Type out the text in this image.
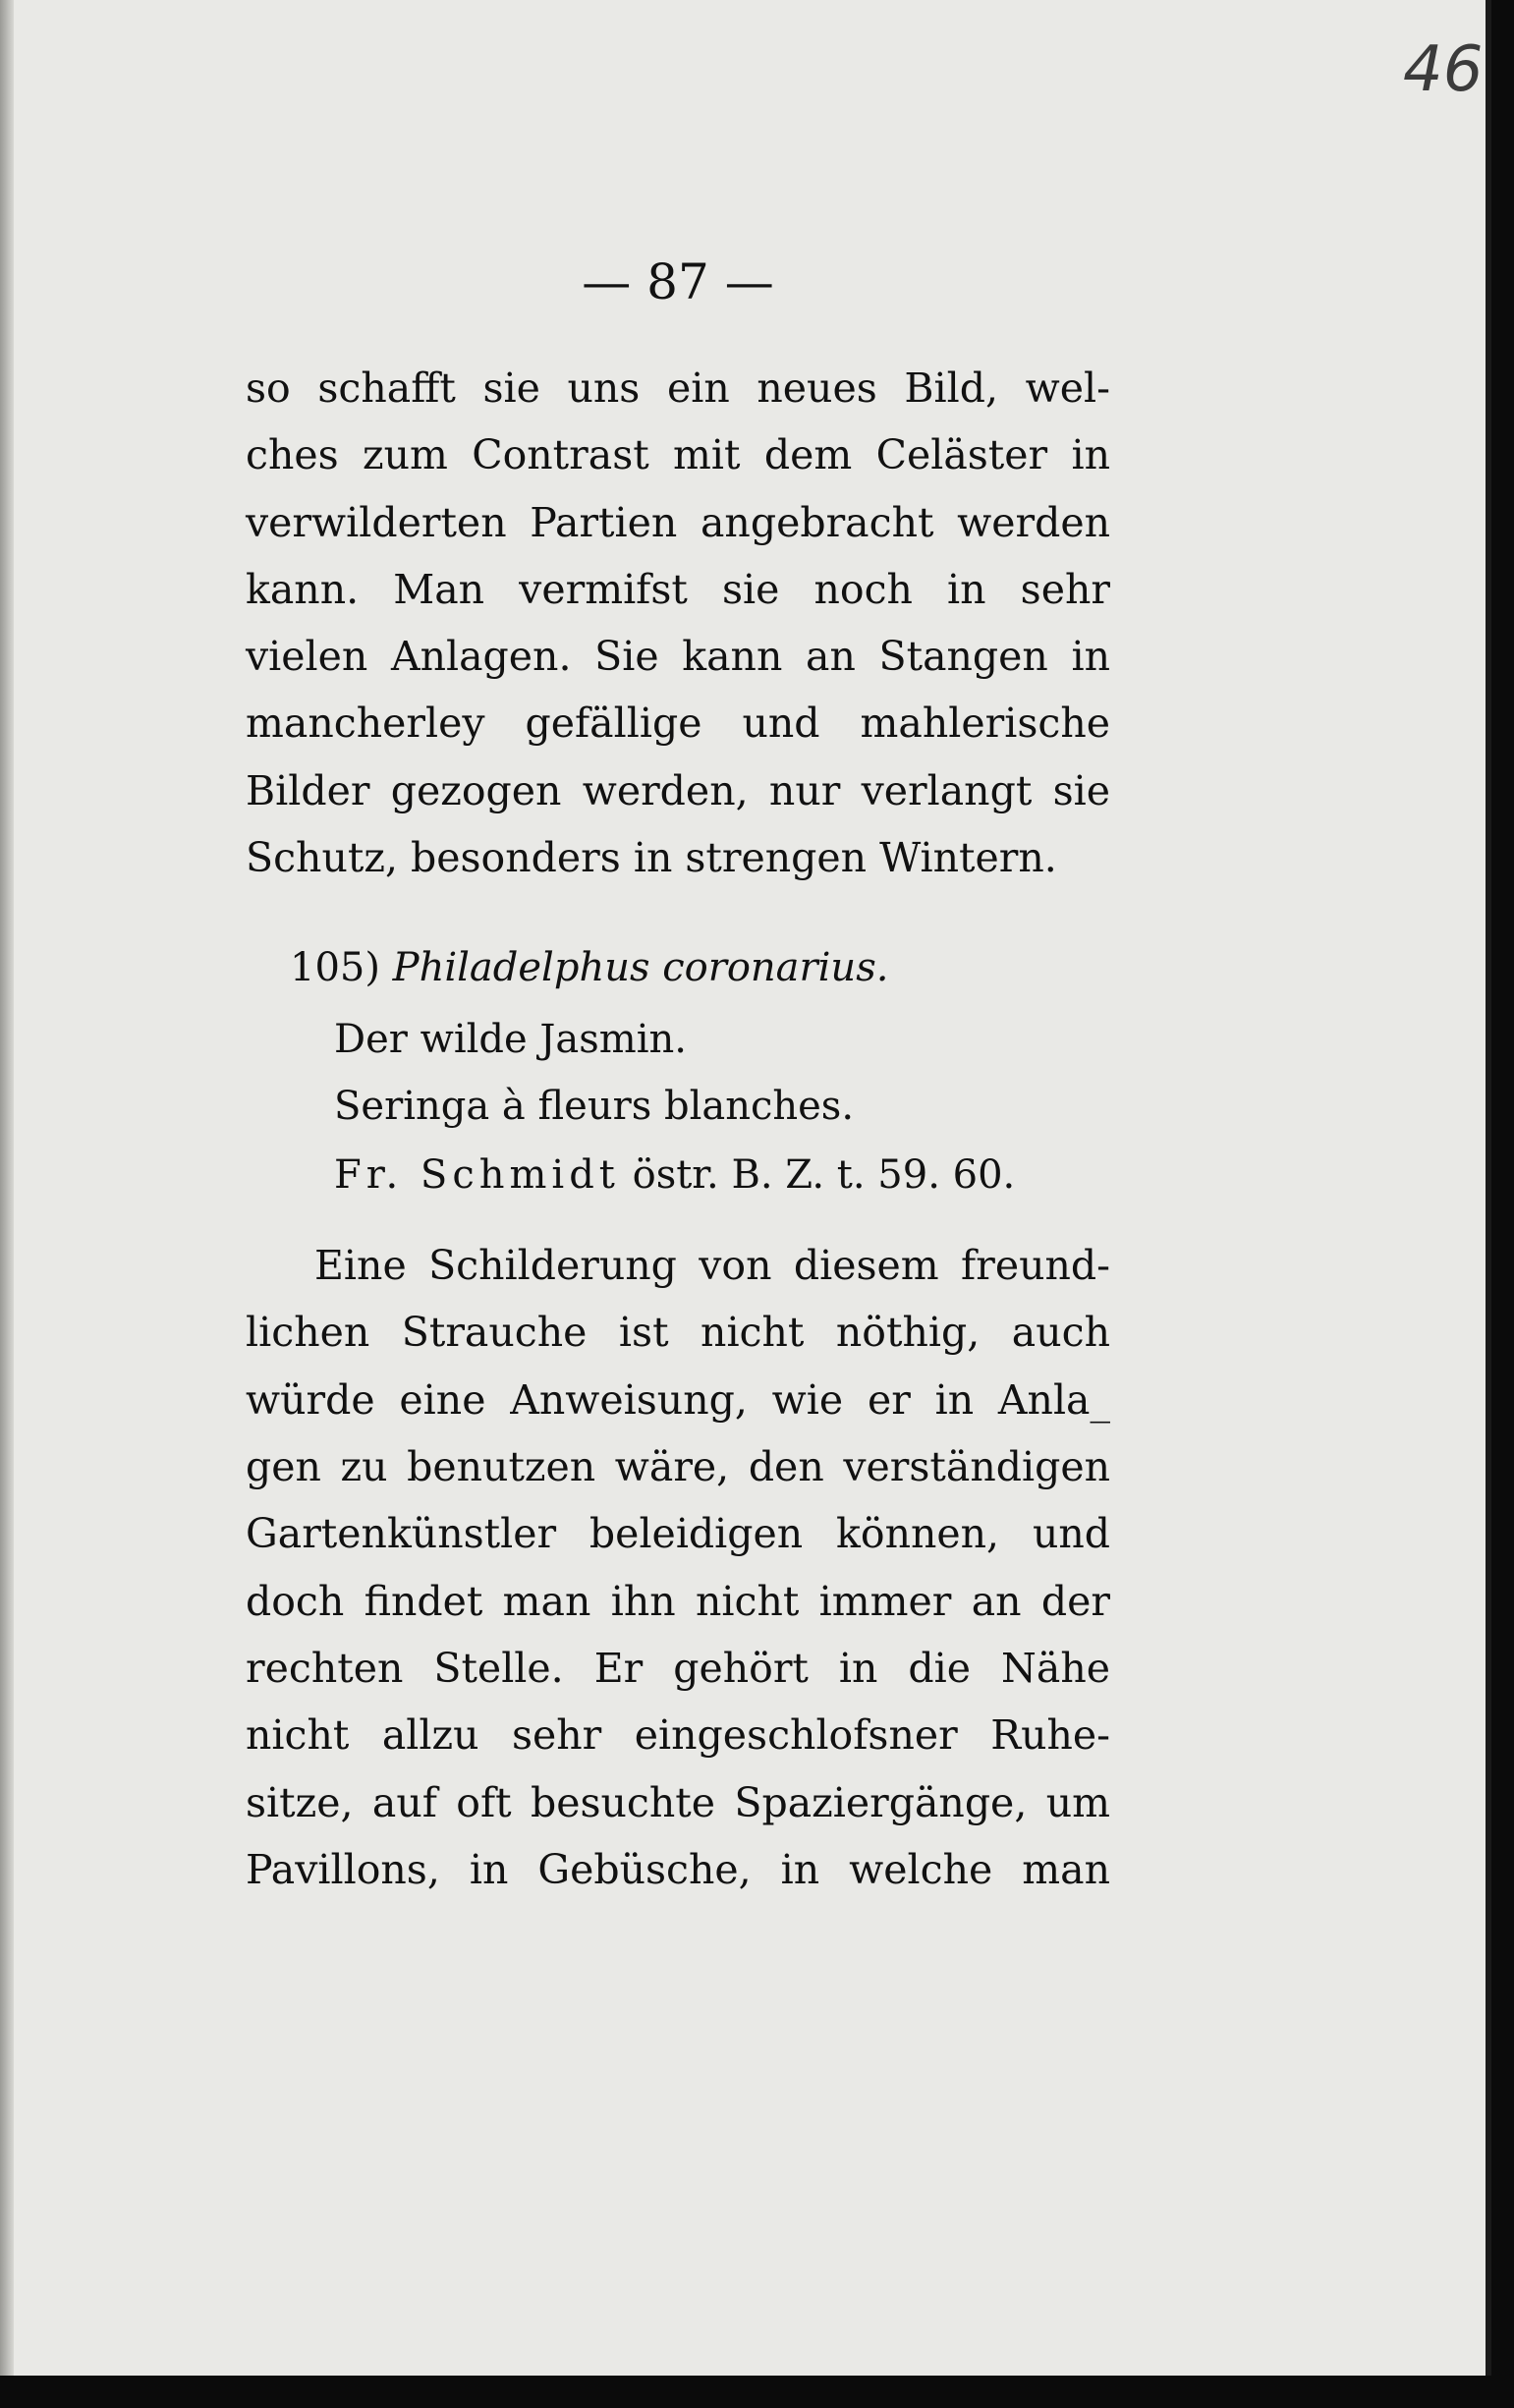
46
— 87 —
so schafft sie uns ein neues Bild, wel-
ches zum Contrast mit dem Celäster in
verwilderten Partien angebracht werden
kann. Man vermifst sie noch in sehr
vielen Anlagen. Sie kann an Stangen in
mancherley gefällige und mahlerische
Bilder gezogen werden, nur verlangt sie
Schutz, besonders in strengen Wintern.
105) Philadelphus coronarius.
Der wilde Jasmin.
Seringa à fleurs blanches.
Fr. Schmidt östr. B. Z. t. 59. 60.
Eine Schilderung von diesem freund-
lichen Strauche ist nicht nöthig, auch
würde eine Anweisung, wie er in Anla_
gen zu benutzen wäre, den verständigen
Gartenkünstler beleidigen können, und
doch findet man ihn nicht immer an der
rechten Stelle. Er gehört in die Nähe
nicht allzu sehr eingeschlofsner Ruhe-
sitze, auf oft besuchte Spaziergänge, um
Pavillons, in Gebüsche, in welche man
